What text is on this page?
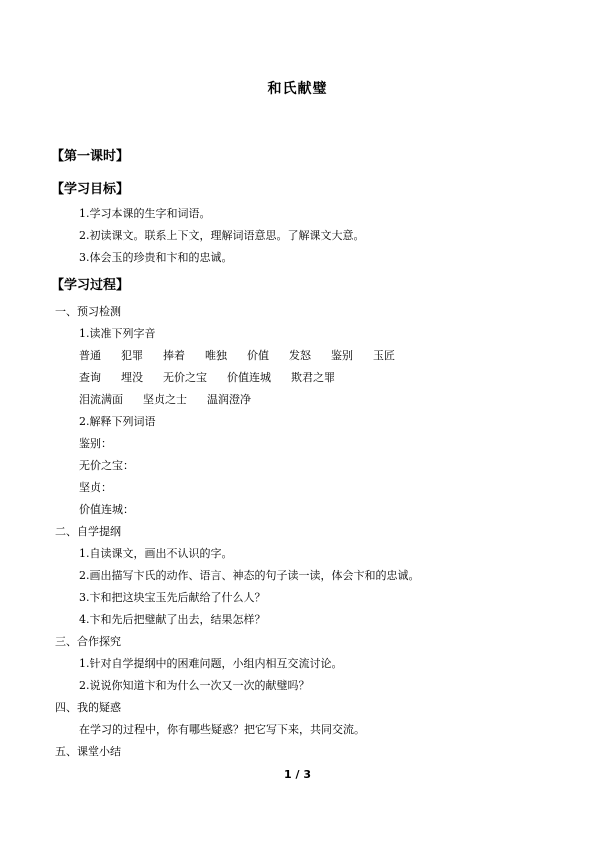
和氏献璧
【第一课时】
【学习目标】
1.学习本课的生字和词语。
2.初读课文。联系上下文，理解词语意思。了解课文大意。
3.体会玉的珍贵和卞和的忠诚。
【学习过程】
一、预习检测
1.读准下列字音
普通 犯罪 捧着 唯独 价值 发怒 鉴别 玉匠
查询 埋没 无价之宝 价值连城 欺君之罪
泪流满面 坚贞之士 温润澄净
2.解释下列词语
鉴别：
无价之宝：
坚贞：
价值连城：
二、自学提纲
1.自读课文，画出不认识的字。
2.画出描写卞氏的动作、语言、神态的句子读一读，体会卞和的忠诚。
3.卞和把这块宝玉先后献给了什么人？
4.卞和先后把璧献了出去，结果怎样？
三、合作探究
1.针对自学提纲中的困难问题，小组内相互交流讨论。
2.说说你知道卞和为什么一次又一次的献璧吗？
四、我的疑惑
在学习的过程中，你有哪些疑惑？把它写下来，共同交流。
五、课堂小结
1 / 3
